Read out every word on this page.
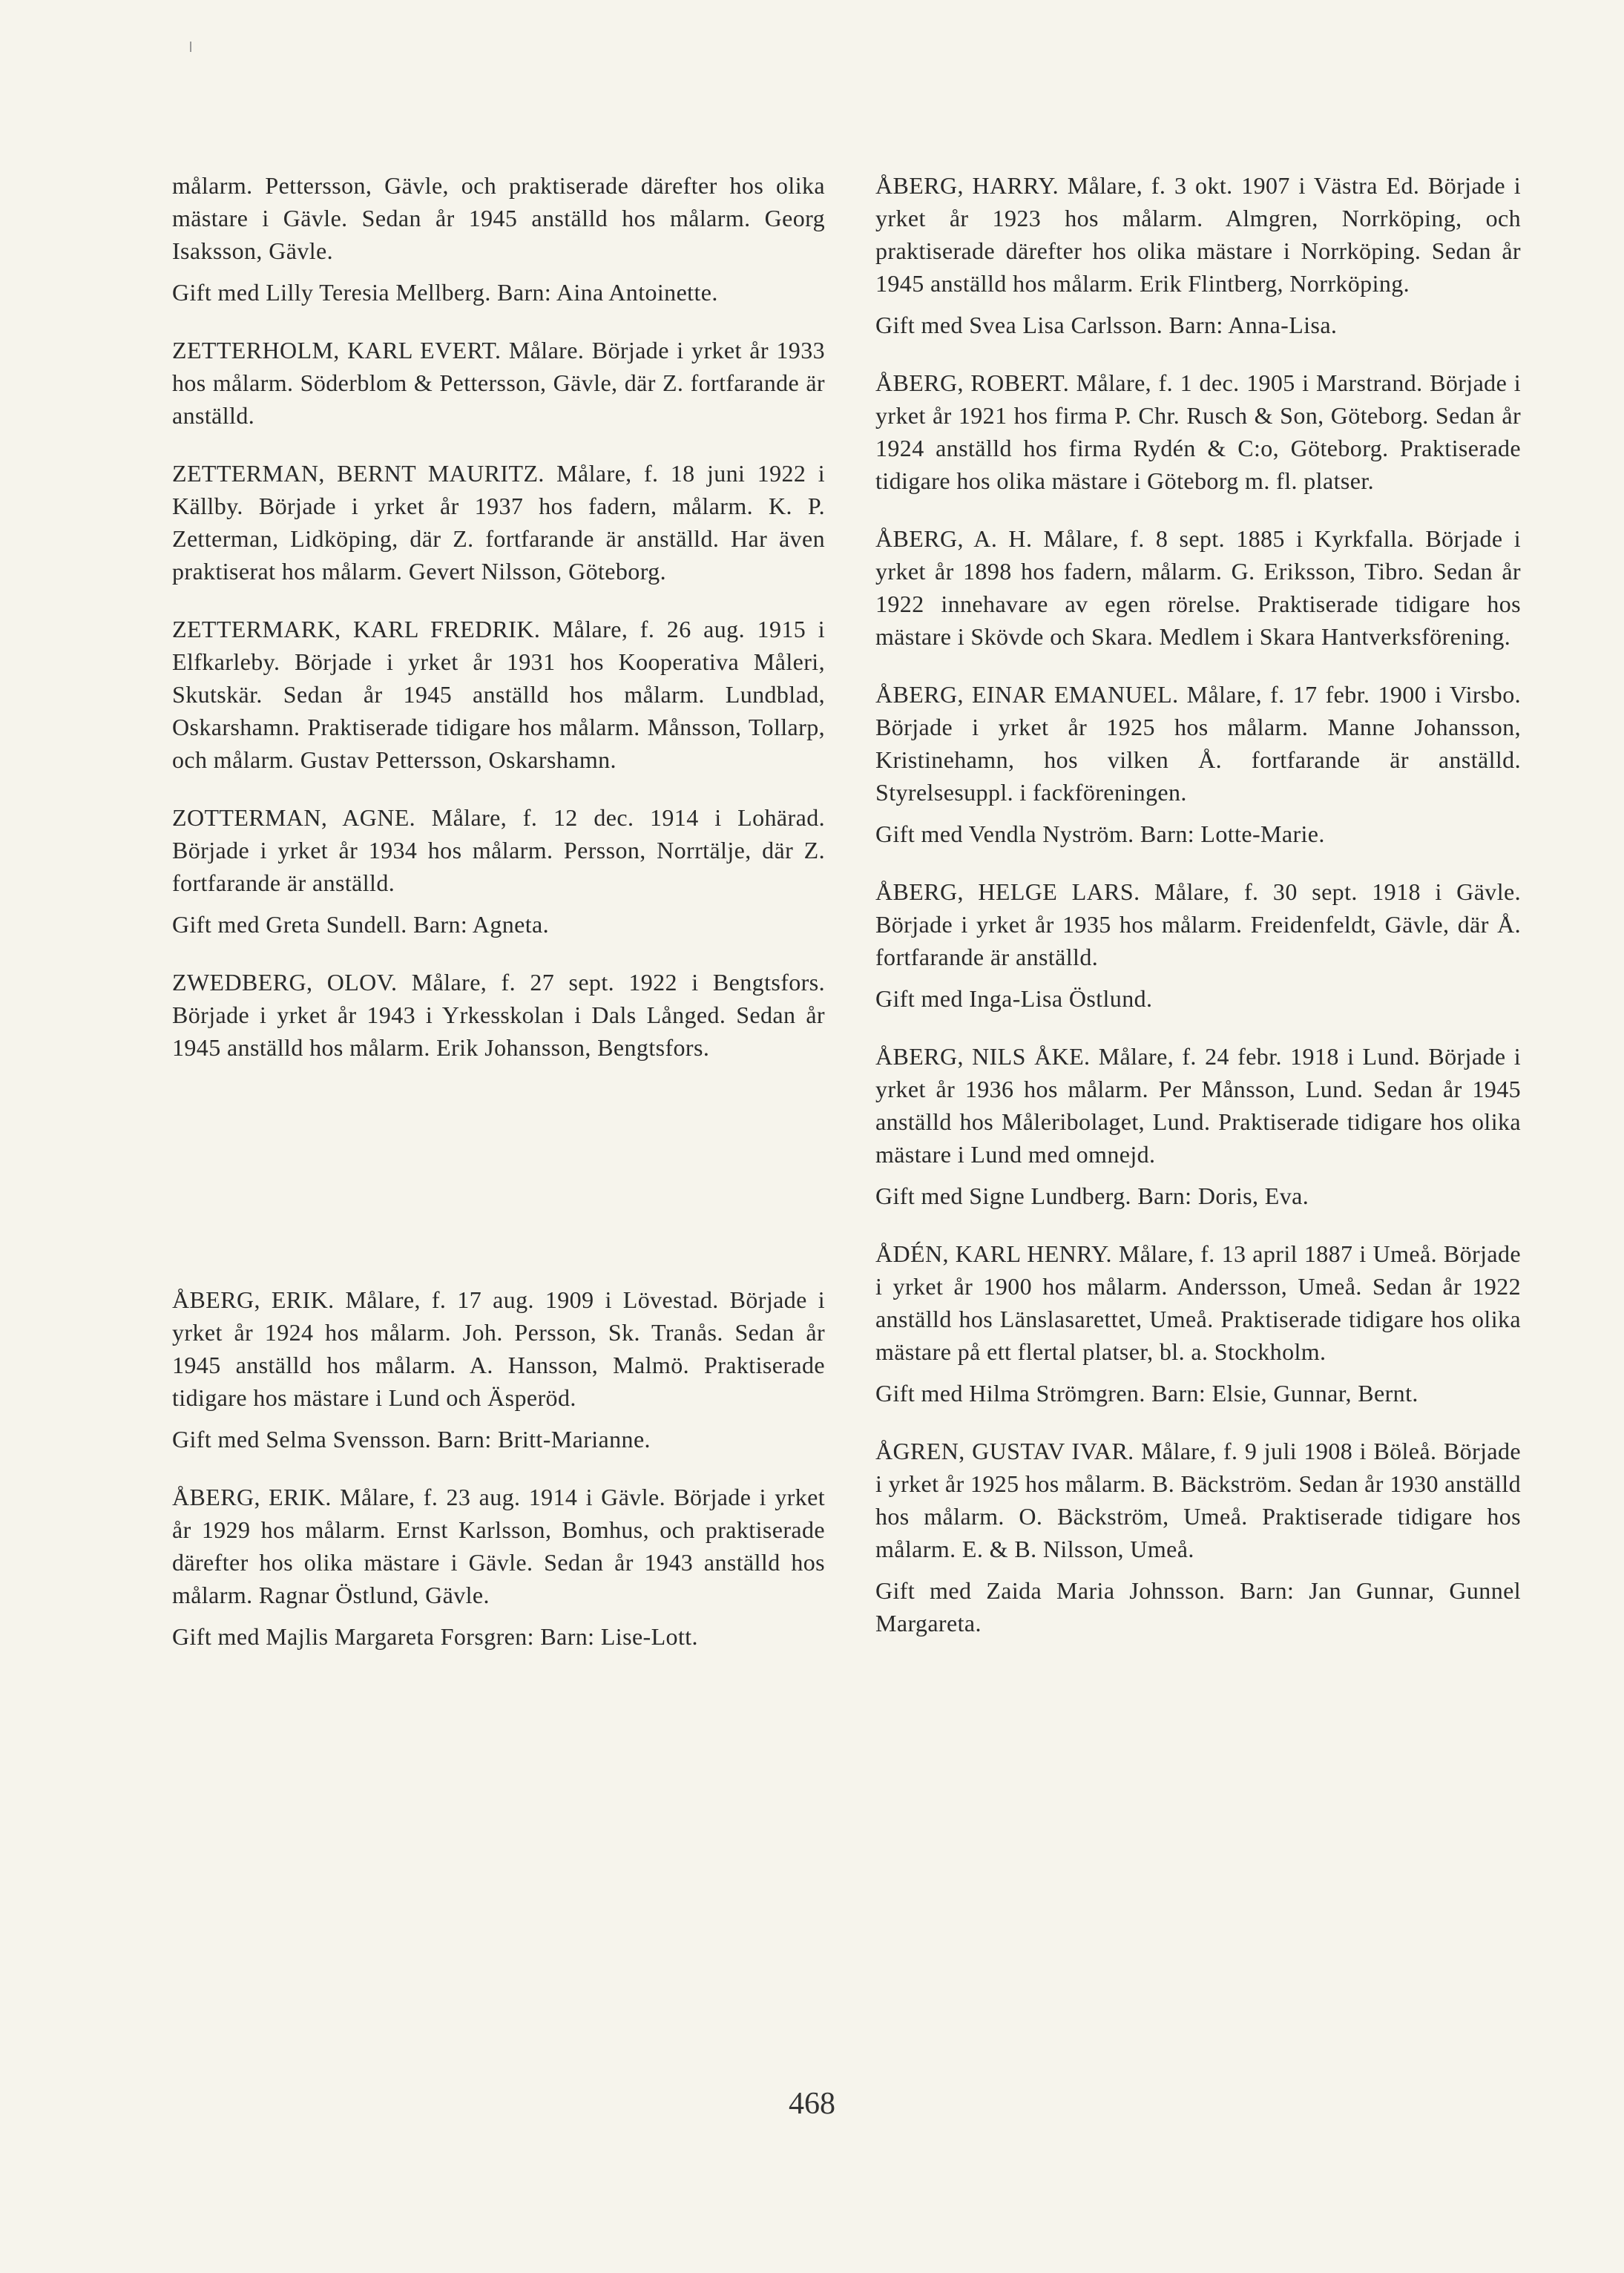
målarm. Pettersson, Gävle, och praktiserade därefter hos olika mästare i Gävle. Sedan år 1945 anställd hos målarm. Georg Isaksson, Gävle.

Gift med Lilly Teresia Mellberg. Barn: Aina Antoinette.

ZETTERHOLM, KARL EVERT. Målare. Började i yrket år 1933 hos målarm. Söderblom & Pettersson, Gävle, där Z. fortfarande är anställd.

ZETTERMAN, BERNT MAURITZ. Målare, f. 18 juni 1922 i Källby. Började i yrket år 1937 hos fadern, målarm. K. P. Zetterman, Lidköping, där Z. fortfarande är anställd. Har även praktiserat hos målarm. Gevert Nilsson, Göteborg.

ZETTERMARK, KARL FREDRIK. Målare, f. 26 aug. 1915 i Elfkarleby. Började i yrket år 1931 hos Kooperativa Måleri, Skutskär. Sedan år 1945 anställd hos målarm. Lundblad, Oskarshamn. Praktiserade tidigare hos målarm. Månsson, Tollarp, och målarm. Gustav Pettersson, Oskarshamn.

ZOTTERMAN, AGNE. Målare, f. 12 dec. 1914 i Lohärad. Började i yrket år 1934 hos målarm. Persson, Norrtälje, där Z. fortfarande är anställd.

Gift med Greta Sundell. Barn: Agneta.

ZWEDBERG, OLOV. Målare, f. 27 sept. 1922 i Bengtsfors. Började i yrket år 1943 i Yrkesskolan i Dals Långed. Sedan år 1945 anställd hos målarm. Erik Johansson, Bengtsfors.

ÅBERG, ERIK. Målare, f. 17 aug. 1909 i Lövestad. Började i yrket år 1924 hos målarm. Joh. Persson, Sk. Tranås. Sedan år 1945 anställd hos målarm. A. Hansson, Malmö. Praktiserade tidigare hos mästare i Lund och Äsperöd.

Gift med Selma Svensson. Barn: Britt-Marianne.

ÅBERG, ERIK. Målare, f. 23 aug. 1914 i Gävle. Började i yrket år 1929 hos målarm. Ernst Karlsson, Bomhus, och praktiserade därefter hos olika mästare i Gävle. Sedan år 1943 anställd hos målarm. Ragnar Östlund, Gävle.

Gift med Majlis Margareta Forsgren: Barn: Lise-Lott.

ÅBERG, HARRY. Målare, f. 3 okt. 1907 i Västra Ed. Började i yrket år 1923 hos målarm. Almgren, Norrköping, och praktiserade därefter hos olika mästare i Norrköping. Sedan år 1945 anställd hos målarm. Erik Flintberg, Norrköping.

Gift med Svea Lisa Carlsson. Barn: Anna-Lisa.

ÅBERG, ROBERT. Målare, f. 1 dec. 1905 i Marstrand. Började i yrket år 1921 hos firma P. Chr. Rusch & Son, Göteborg. Sedan år 1924 anställd hos firma Rydén & C:o, Göteborg. Praktiserade tidigare hos olika mästare i Göteborg m. fl. platser.

ÅBERG, A. H. Målare, f. 8 sept. 1885 i Kyrkfalla. Började i yrket år 1898 hos fadern, målarm. G. Eriksson, Tibro. Sedan år 1922 innehavare av egen rörelse. Praktiserade tidigare hos mästare i Skövde och Skara. Medlem i Skara Hantverksförening.

ÅBERG, EINAR EMANUEL. Målare, f. 17 febr. 1900 i Virsbo. Började i yrket år 1925 hos målarm. Manne Johansson, Kristinehamn, hos vilken Å. fortfarande är anställd. Styrelsesuppl. i fackföreningen.

Gift med Vendla Nyström. Barn: Lotte-Marie.

ÅBERG, HELGE LARS. Målare, f. 30 sept. 1918 i Gävle. Började i yrket år 1935 hos målarm. Freidenfeldt, Gävle, där Å. fortfarande är anställd.

Gift med Inga-Lisa Östlund.

ÅBERG, NILS ÅKE. Målare, f. 24 febr. 1918 i Lund. Började i yrket år 1936 hos målarm. Per Månsson, Lund. Sedan år 1945 anställd hos Måleribolaget, Lund. Praktiserade tidigare hos olika mästare i Lund med omnejd.

Gift med Signe Lundberg. Barn: Doris, Eva.

ÅDÉN, KARL HENRY. Målare, f. 13 april 1887 i Umeå. Började i yrket år 1900 hos målarm. Andersson, Umeå. Sedan år 1922 anställd hos Länslasarettet, Umeå. Praktiserade tidigare hos olika mästare på ett flertal platser, bl. a. Stockholm.

Gift med Hilma Strömgren. Barn: Elsie, Gunnar, Bernt.

ÅGREN, GUSTAV IVAR. Målare, f. 9 juli 1908 i Böleå. Började i yrket år 1925 hos målarm. B. Bäckström. Sedan år 1930 anställd hos målarm. O. Bäckström, Umeå. Praktiserade tidigare hos målarm. E. & B. Nilsson, Umeå.

Gift med Zaida Maria Johnsson. Barn: Jan Gunnar, Gunnel Margareta.

468
